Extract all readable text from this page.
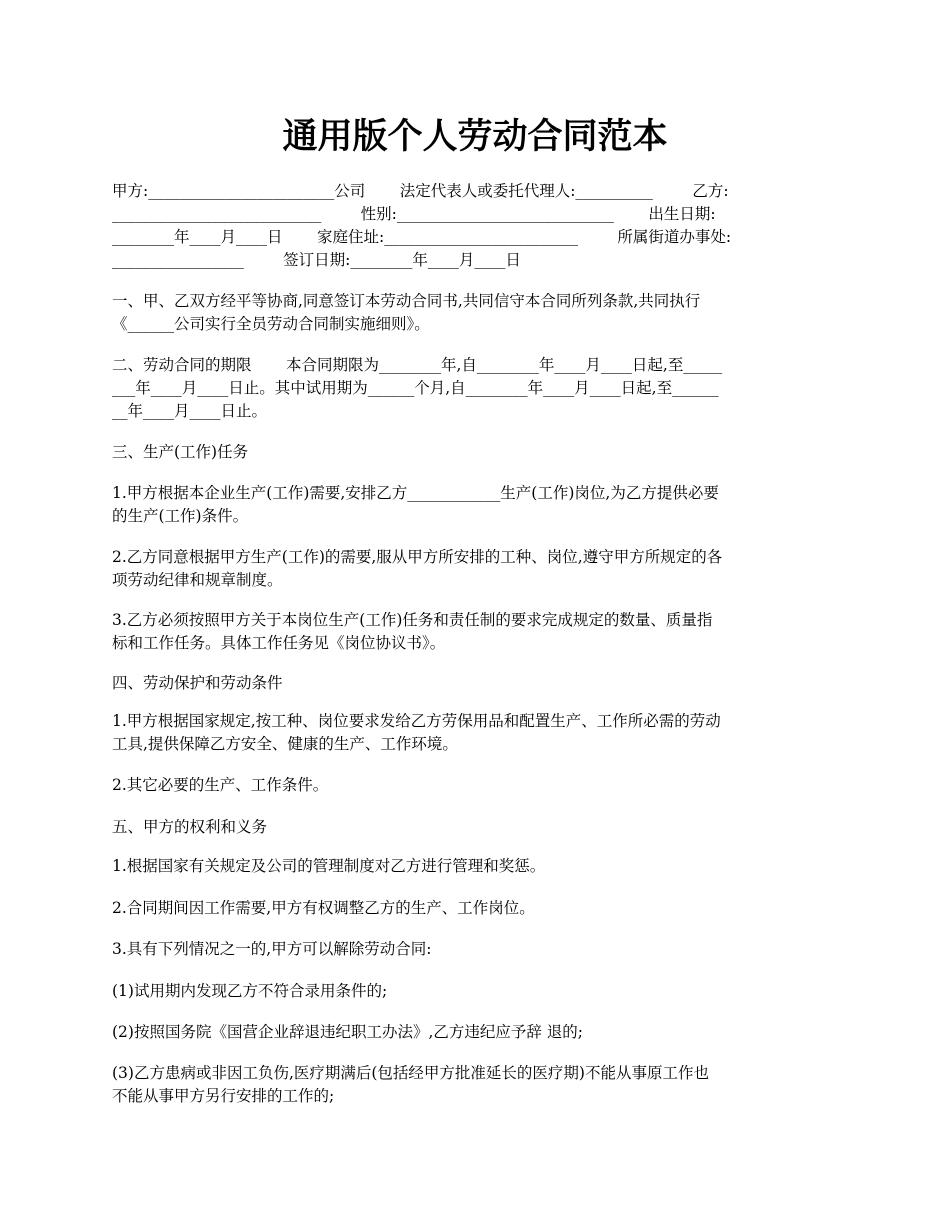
通用版个人劳动合同范本
甲方:________________________公司       法定代表人或委托代理人:__________        乙方:
___________________________        性别:____________________________       出生日期:
________年____月____日       家庭住址:_________________________        所属街道办事处:
_________________        签订日期:________年____月____日
一、甲、乙双方经平等协商,同意签订本劳动合同书,共同信守本合同所列条款,共同执行
《______公司实行全员劳动合同制实施细则》。
二、劳动合同的期限       本合同期限为________年,自________年____月____日起,至_____
___年____月____日止。其中试用期为______个月,自________年____月____日起,至______
__年____月____日止。
三、生产(工作)任务
1.甲方根据本企业生产(工作)需要,安排乙方____________生产(工作)岗位,为乙方提供必要
的生产(工作)条件。
2.乙方同意根据甲方生产(工作)的需要,服从甲方所安排的工种、岗位,遵守甲方所规定的各
项劳动纪律和规章制度。
3.乙方必须按照甲方关于本岗位生产(工作)任务和责任制的要求完成规定的数量、质量指
标和工作任务。具体工作任务见《岗位协议书》。
四、劳动保护和劳动条件
1.甲方根据国家规定,按工种、岗位要求发给乙方劳保用品和配置生产、工作所必需的劳动
工具,提供保障乙方安全、健康的生产、工作环境。
2.其它必要的生产、工作条件。
五、甲方的权利和义务
1.根据国家有关规定及公司的管理制度对乙方进行管理和奖惩。
2.合同期间因工作需要,甲方有权调整乙方的生产、工作岗位。
3.具有下列情况之一的,甲方可以解除劳动合同:
(1)试用期内发现乙方不符合录用条件的;
(2)按照国务院《国营企业辞退违纪职工办法》,乙方违纪应予辞 退的;
(3)乙方患病或非因工负伤,医疗期满后(包括经甲方批准延长的医疗期)不能从事原工作也
不能从事甲方另行安排的工作的;
